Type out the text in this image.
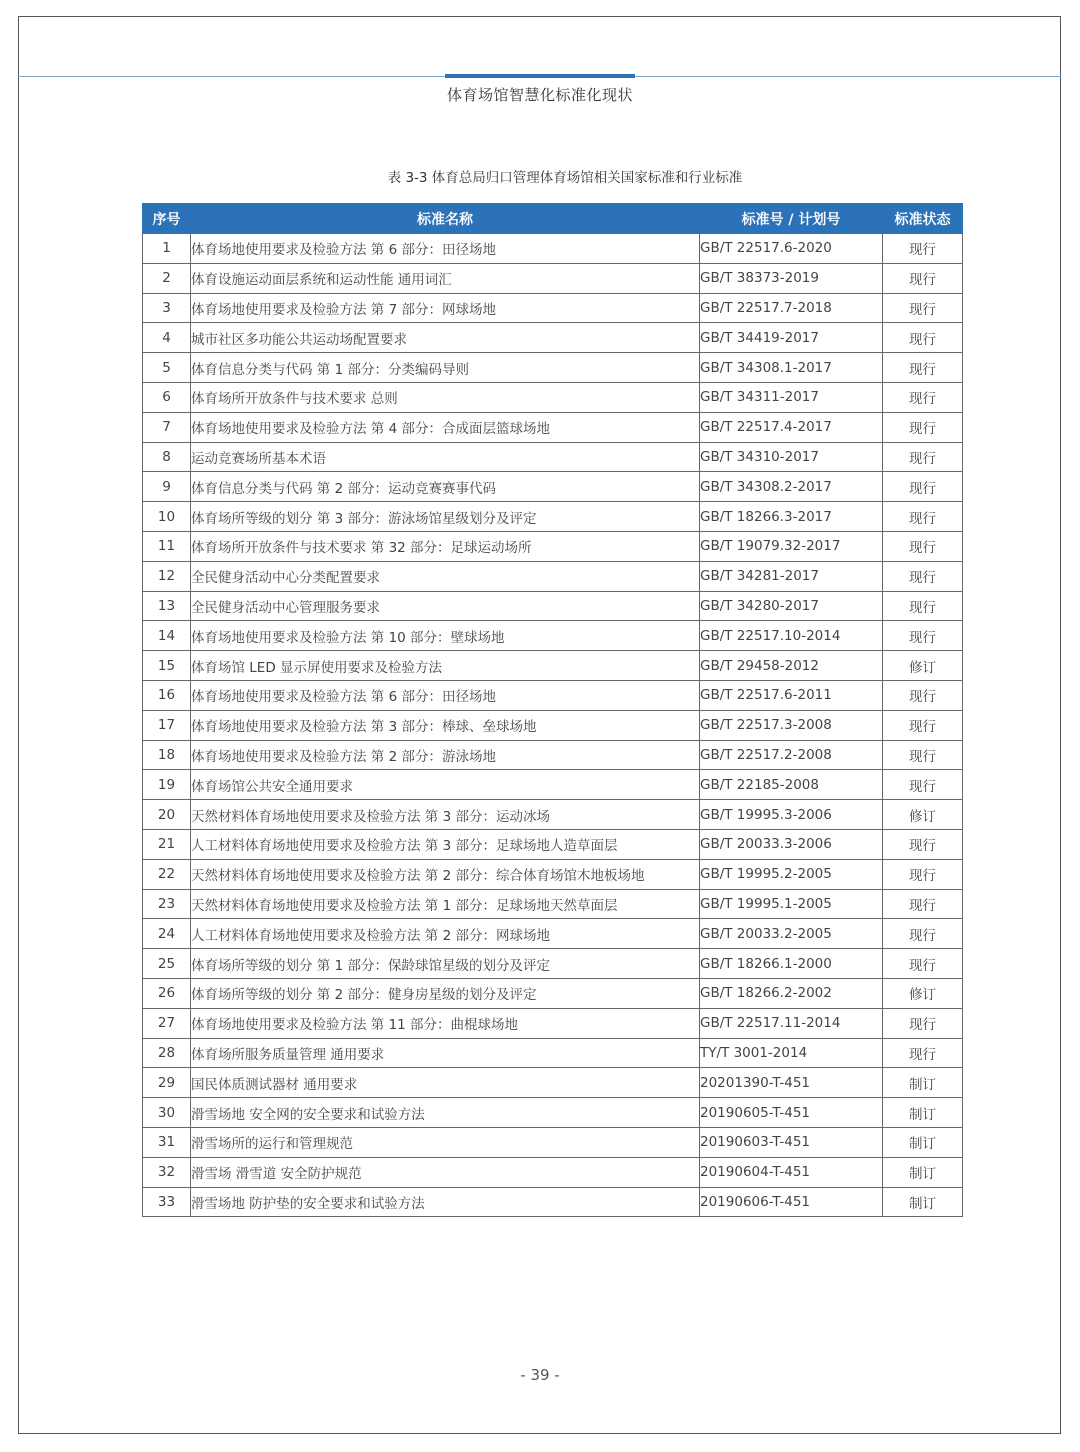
体育场馆智慧化标准化现状
表 3-3 体育总局归口管理体育场馆相关国家标准和行业标准
序号	标准名称	标准号 / 计划号	标准状态
1	体育场地使用要求及检验方法 第 6 部分：田径场地	GB/T 22517.6-2020	现行
2	体育设施运动面层系统和运动性能 通用词汇	GB/T 38373-2019	现行
3	体育场地使用要求及检验方法 第 7 部分：网球场地	GB/T 22517.7-2018	现行
4	城市社区多功能公共运动场配置要求	GB/T 34419-2017	现行
5	体育信息分类与代码 第 1 部分：分类编码导则	GB/T 34308.1-2017	现行
6	体育场所开放条件与技术要求 总则	GB/T 34311-2017	现行
7	体育场地使用要求及检验方法 第 4 部分：合成面层篮球场地	GB/T 22517.4-2017	现行
8	运动竞赛场所基本术语	GB/T 34310-2017	现行
9	体育信息分类与代码 第 2 部分：运动竞赛赛事代码	GB/T 34308.2-2017	现行
10	体育场所等级的划分 第 3 部分：游泳场馆星级划分及评定	GB/T 18266.3-2017	现行
11	体育场所开放条件与技术要求 第 32 部分：足球运动场所	GB/T 19079.32-2017	现行
12	全民健身活动中心分类配置要求	GB/T 34281-2017	现行
13	全民健身活动中心管理服务要求	GB/T 34280-2017	现行
14	体育场地使用要求及检验方法 第 10 部分：壁球场地	GB/T 22517.10-2014	现行
15	体育场馆 LED 显示屏使用要求及检验方法	GB/T 29458-2012	修订
16	体育场地使用要求及检验方法 第 6 部分：田径场地	GB/T 22517.6-2011	现行
17	体育场地使用要求及检验方法 第 3 部分：棒球、垒球场地	GB/T 22517.3-2008	现行
18	体育场地使用要求及检验方法 第 2 部分：游泳场地	GB/T 22517.2-2008	现行
19	体育场馆公共安全通用要求	GB/T 22185-2008	现行
20	天然材料体育场地使用要求及检验方法 第 3 部分：运动冰场	GB/T 19995.3-2006	修订
21	人工材料体育场地使用要求及检验方法 第 3 部分：足球场地人造草面层	GB/T 20033.3-2006	现行
22	天然材料体育场地使用要求及检验方法 第 2 部分：综合体育场馆木地板场地	GB/T 19995.2-2005	现行
23	天然材料体育场地使用要求及检验方法 第 1 部分：足球场地天然草面层	GB/T 19995.1-2005	现行
24	人工材料体育场地使用要求及检验方法 第 2 部分：网球场地	GB/T 20033.2-2005	现行
25	体育场所等级的划分 第 1 部分：保龄球馆星级的划分及评定	GB/T 18266.1-2000	现行
26	体育场所等级的划分 第 2 部分：健身房星级的划分及评定	GB/T 18266.2-2002	修订
27	体育场地使用要求及检验方法 第 11 部分：曲棍球场地	GB/T 22517.11-2014	现行
28	体育场所服务质量管理 通用要求	TY/T 3001-2014	现行
29	国民体质测试器材 通用要求	20201390-T-451	制订
30	滑雪场地 安全网的安全要求和试验方法	20190605-T-451	制订
31	滑雪场所的运行和管理规范	20190603-T-451	制订
32	滑雪场 滑雪道 安全防护规范	20190604-T-451	制订
33	滑雪场地 防护垫的安全要求和试验方法	20190606-T-451	制订
- 39 -
